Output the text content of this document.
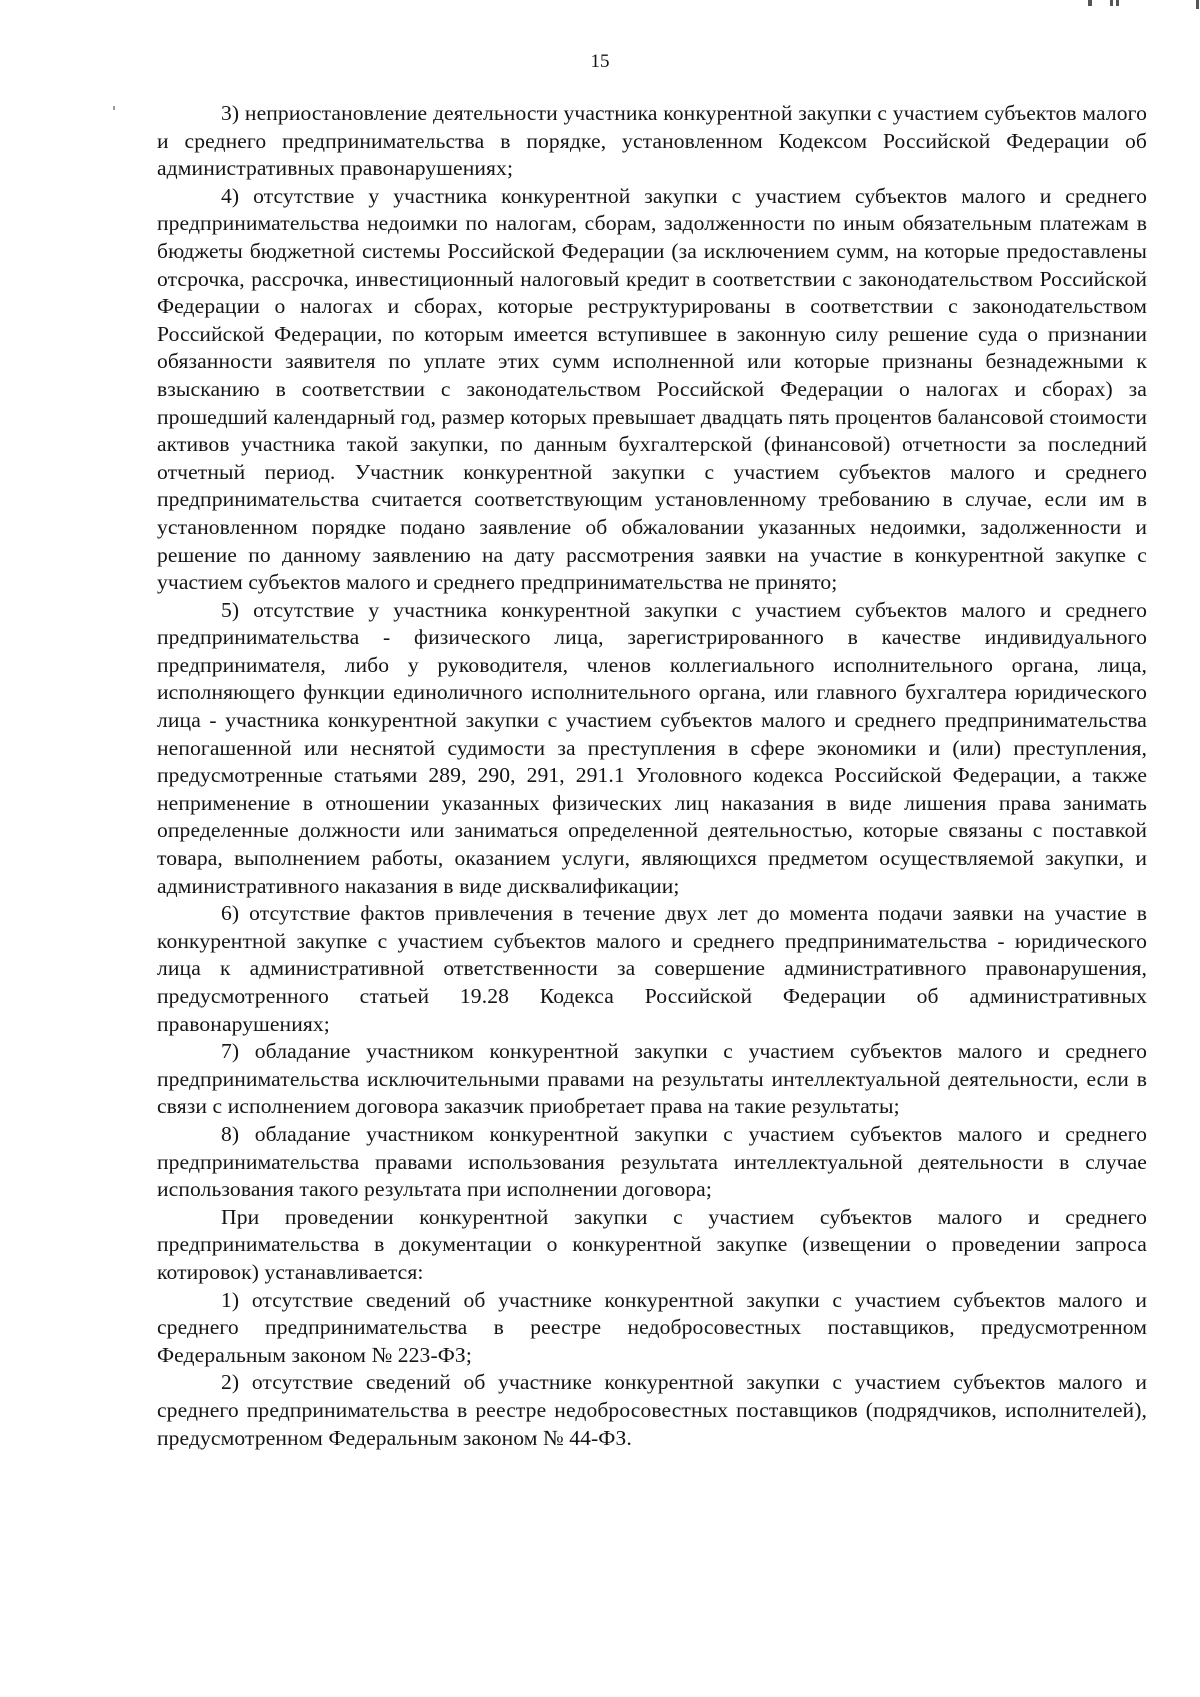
15

3) неприостановление деятельности участника конкурентной закупки с участием субъектов малого и среднего предпринимательства в порядке, установленном Кодексом Российской Федерации об административных правонарушениях;

4) отсутствие у участника конкурентной закупки с участием субъектов малого и среднего предпринимательства недоимки по налогам, сборам, задолженности по иным обязательным платежам в бюджеты бюджетной системы Российской Федерации (за исключением сумм, на которые предоставлены отсрочка, рассрочка, инвестиционный налоговый кредит в соответствии с законодательством Российской Федерации о налогах и сборах, которые реструктурированы в соответствии с законодательством Российской Федерации, по которым имеется вступившее в законную силу решение суда о признании обязанности заявителя по уплате этих сумм исполненной или которые признаны безнадежными к взысканию в соответствии с законодательством Российской Федерации о налогах и сборах) за прошедший календарный год, размер которых превышает двадцать пять процентов балансовой стоимости активов участника такой закупки, по данным бухгалтерской (финансовой) отчетности за последний отчетный период. Участник конкурентной закупки с участием субъектов малого и среднего предпринимательства считается соответствующим установленному требованию в случае, если им в установленном порядке подано заявление об обжаловании указанных недоимки, задолженности и решение по данному заявлению на дату рассмотрения заявки на участие в конкурентной закупке с участием субъектов малого и среднего предпринимательства не принято;

5) отсутствие у участника конкурентной закупки с участием субъектов малого и среднего предпринимательства - физического лица, зарегистрированного в качестве индивидуального предпринимателя, либо у руководителя, членов коллегиального исполнительного органа, лица, исполняющего функции единоличного исполнительного органа, или главного бухгалтера юридического лица - участника конкурентной закупки с участием субъектов малого и среднего предпринимательства непогашенной или неснятой судимости за преступления в сфере экономики и (или) преступления, предусмотренные статьями 289, 290, 291, 291.1 Уголовного кодекса Российской Федерации, а также неприменение в отношении указанных физических лиц наказания в виде лишения права занимать определенные должности или заниматься определенной деятельностью, которые связаны с поставкой товара, выполнением работы, оказанием услуги, являющихся предметом осуществляемой закупки, и административного наказания в виде дисквалификации;

6) отсутствие фактов привлечения в течение двух лет до момента подачи заявки на участие в конкурентной закупке с участием субъектов малого и среднего предпринимательства - юридического лица к административной ответственности за совершение административного правонарушения, предусмотренного статьей 19.28 Кодекса Российской Федерации об административных правонарушениях;

7) обладание участником конкурентной закупки с участием субъектов малого и среднего предпринимательства исключительными правами на результаты интеллектуальной деятельности, если в связи с исполнением договора заказчик приобретает права на такие результаты;

8) обладание участником конкурентной закупки с участием субъектов малого и среднего предпринимательства правами использования результата интеллектуальной деятельности в случае использования такого результата при исполнении договора;

При проведении конкурентной закупки с участием субъектов малого и среднего предпринимательства в документации о конкурентной закупке (извещении о проведении запроса котировок) устанавливается:

1) отсутствие сведений об участнике конкурентной закупки с участием субъектов малого и среднего предпринимательства в реестре недобросовестных поставщиков, предусмотренном Федеральным законом № 223-ФЗ;

2) отсутствие сведений об участнике конкурентной закупки с участием субъектов малого и среднего предпринимательства в реестре недобросовестных поставщиков (подрядчиков, исполнителей), предусмотренном Федеральным законом № 44-ФЗ.
